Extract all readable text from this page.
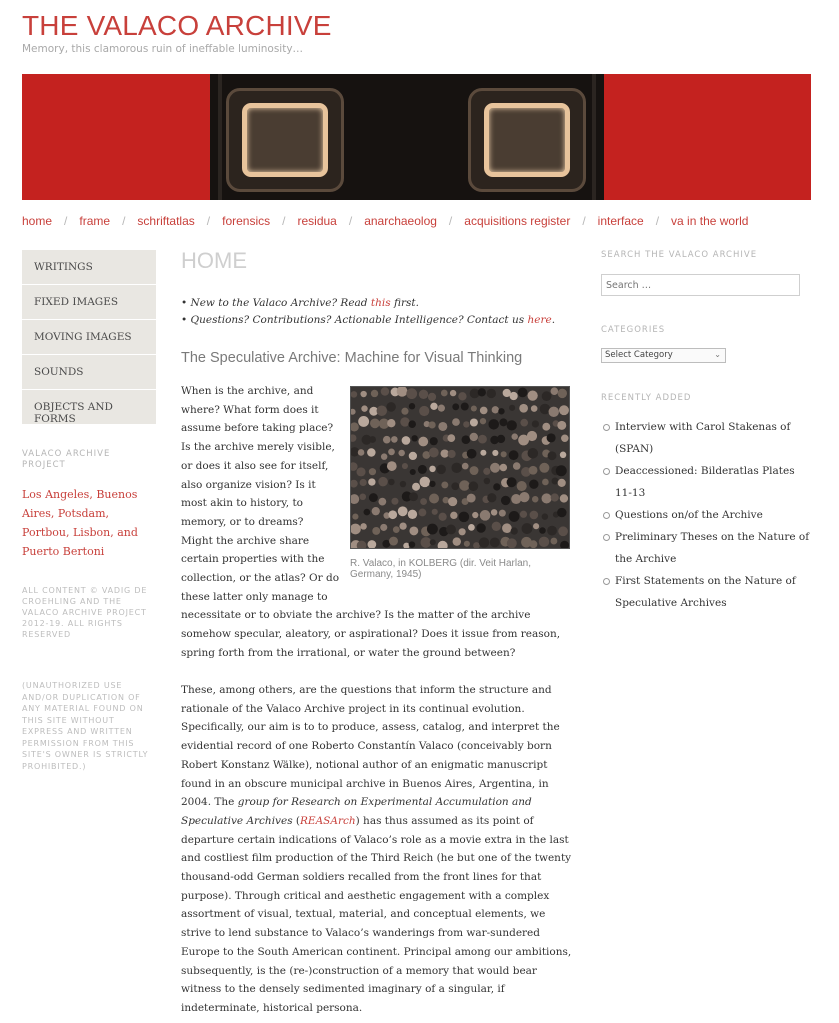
THE VALACO ARCHIVE
Memory, this clamorous ruin of ineffable luminosity…
home / frame / schriftatlas / forensics / residua / anarchaeolog / acquisitions register / interface / va in the world
WRITINGS
FIXED IMAGES
MOVING IMAGES
SOUNDS
OBJECTS AND FORMS
VALACO ARCHIVE PROJECT
Los Angeles, Buenos Aires, Potsdam, Portbou, Lisbon, and Puerto Bertoni
ALL CONTENT © VADIG DE CROEHLING AND THE VALACO ARCHIVE PROJECT 2012-19. ALL RIGHTS RESERVED
(UNAUTHORIZED USE AND/OR DUPLICATION OF ANY MATERIAL FOUND ON THIS SITE WITHOUT EXPRESS AND WRITTEN PERMISSION FROM THIS SITE'S OWNER IS STRICTLY PROHIBITED.)
HOME
• New to the Valaco Archive? Read this first.
• Questions? Contributions? Actionable Intelligence? Contact us here.
The Speculative Archive: Machine for Visual Thinking
R. Valaco, in KOLBERG (dir. Veit Harlan, Germany, 1945)
When is the archive, and
where? What form does it
assume before taking place?
Is the archive merely visible,
or does it also see for itself,
also organize vision? Is it
most akin to history, to
memory, or to dreams?
Might the archive share
certain properties with the
collection, or the atlas? Or do
these latter only manage to
necessitate or to obviate the archive? Is the matter of the archive somehow specular, aleatory, or aspirational? Does it issue from reason, spring forth from the irrational, or water the ground between?
These, among others, are the questions that inform the structure and rationale of the Valaco Archive project in its continual evolution. Specifically, our aim is to to produce, assess, catalog, and interpret the evidential record of one Roberto Constantín Valaco (conceivably born Robert Konstanz Wälke), notional author of an enigmatic manuscript found in an obscure municipal archive in Buenos Aires, Argentina, in 2004. The group for Research on Experimental Accumulation and Speculative Archives (REASArch) has thus assumed as its point of departure certain indications of Valaco’s role as a movie extra in the last and costliest film production of the Third Reich (he but one of the twenty thousand-odd German soldiers recalled from the front lines for that purpose). Through critical and aesthetic engagement with a complex assortment of visual, textual, material, and conceptual elements, we strive to lend substance to Valaco’s wanderings from war-sundered Europe to the South American continent. Principal among our ambitions, subsequently, is the (re-)construction of a memory that would bear witness to the densely sedimented imaginary of a singular, if indeterminate, historical persona.
SEARCH THE VALACO ARCHIVE
Search …
CATEGORIES
Select Category	⌄
RECENTLY ADDED
Interview with Carol Stakenas of (SPAN)
Deaccessioned: Bilderatlas Plates 11-13
Questions on/of the Archive
Preliminary Theses on the Nature of the Archive
First Statements on the Nature of Speculative Archives
